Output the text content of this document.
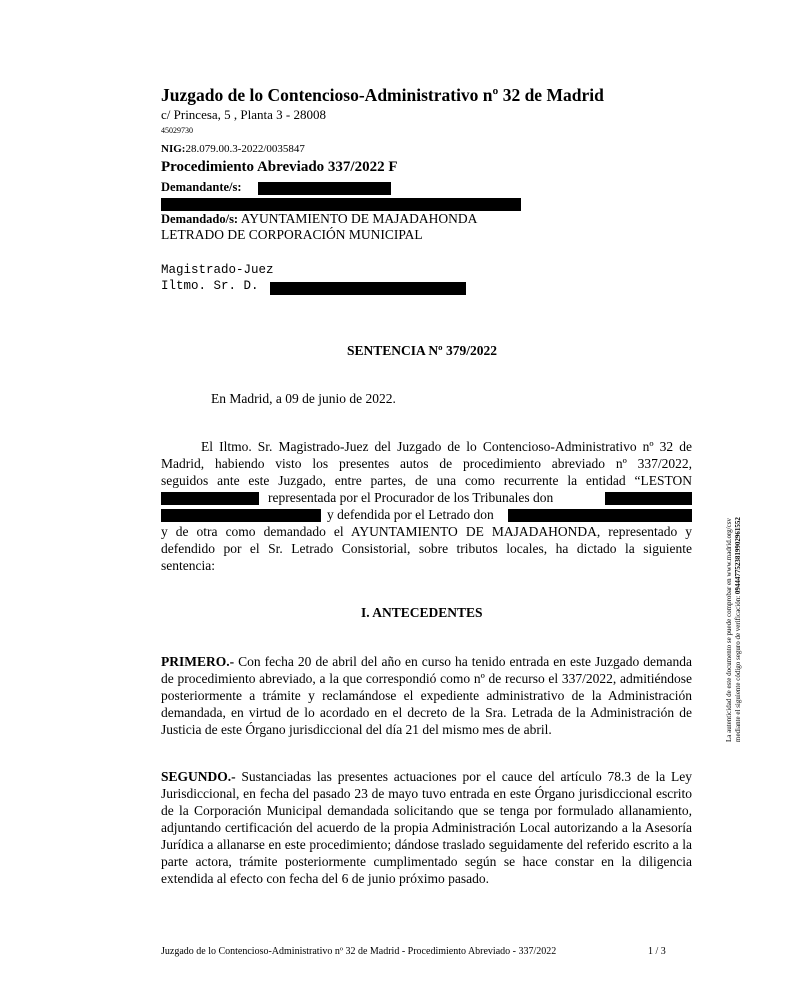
Juzgado de lo Contencioso-Administrativo nº 32 de Madrid
c/ Princesa, 5 , Planta 3 - 28008
45029730
NIG:28.079.00.3-2022/0035847
Procedimiento Abreviado 337/2022 F
Demandante/s:
Demandado/s: AYUNTAMIENTO DE MAJADAHONDA
LETRADO DE CORPORACIÓN MUNICIPAL
Magistrado-Juez
Iltmo. Sr. D.
SENTENCIA Nº 379/2022
En Madrid, a 09 de junio de 2022.
El Iltmo. Sr. Magistrado-Juez del Juzgado de lo Contencioso-Administrativo nº 32 de
Madrid, habiendo visto los presentes autos de procedimiento abreviado nº 337/2022,
seguidos ante este Juzgado, entre partes, de una como recurrente la entidad “LESTON
representada por el Procurador de los Tribunales don
y defendida por el Letrado don
y de otra como demandado el AYUNTAMIENTO DE MAJADAHONDA, representado y
defendido por el Sr. Letrado Consistorial, sobre tributos locales, ha dictado la siguiente
sentencia:
I. ANTECEDENTES
PRIMERO.- Con fecha 20 de abril del año en curso ha tenido entrada en este Juzgado demanda de procedimiento abreviado, a la que correspondió como nº de recurso el 337/2022, admitiéndose posteriormente a trámite y reclamándose el expediente administrativo de la Administración demandada, en virtud de lo acordado en el decreto de la Sra. Letrada de la Administración de Justicia de este Órgano jurisdiccional del día 21 del mismo mes de abril.
SEGUNDO.- Sustanciadas las presentes actuaciones por el cauce del artículo 78.3 de la Ley Jurisdiccional, en fecha del pasado 23 de mayo tuvo entrada en este Órgano jurisdiccional escrito de la Corporación Municipal demandada solicitando que se tenga por formulado allanamiento, adjuntando certificación del acuerdo de la propia Administración Local autorizando a la Asesoría Jurídica a allanarse en este procedimiento; dándose traslado seguidamente del referido escrito a la parte actora, trámite posteriormente cumplimentado según se hace constar en la diligencia extendida al efecto con fecha del 6 de junio próximo pasado.
La autenticidad de este documento se puede comprobar en www.madrid.org/csv mediante el siguiente código seguro de verificación: 0944477523819902961552
Juzgado de lo Contencioso-Administrativo nº 32 de Madrid - Procedimiento Abreviado - 337/2022	1 / 3
